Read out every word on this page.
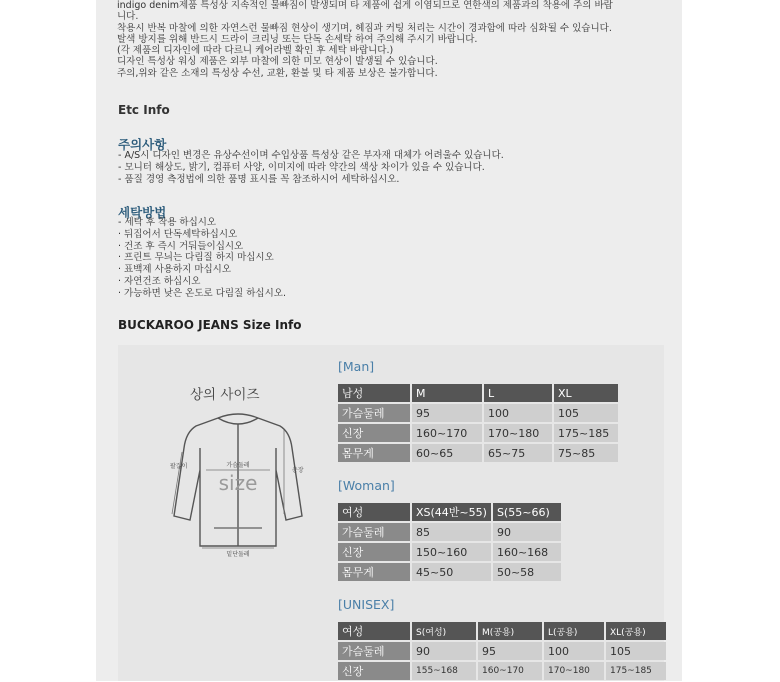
indigo denim제품 특성상 지속적인 물빠짐이 발생되며 타 제품에 쉽게 이염되므로 연한색의 제품과의 착용에 주의 바랍
니다.
착용시 반복 마찰에 의한 자연스런 물빠짐 현상이 생기며, 헤짐과 커팅 처리는 시간이 경과함에 따라 심화될 수 있습니다.
탈색 방지를 위해 반드시 드라이 크리닝 또는 단독 손세탁 하여 주의해 주시기 바랍니다.
(각 제품의 디자인에 따라 다르니 케어라벨 확인 후 세탁 바랍니다.)
디자인 특성상 워싱 제품은 외부 마찰에 의한 미모 현상이 발생될 수 있습니다.
주의,위와 같은 소재의 특성상 수선, 교환, 환불 및 타 제품 보상은 불가합니다.
Etc Info
주의사항
- A/S시 디자인 변경은 유상수선이며 수입상품 특성상 같은 부자재 대체가 어려울수 있습니다.
- 모니터 해상도, 밝기, 컴퓨터 사양, 이미지에 따라 약간의 색상 차이가 있을 수 있습니다.
- 품질 경영 측정법에 의한 품명 표시를 꼭 참조하시어 세탁하십시오.
세탁방법
- 세탁 후 착용 하십시오
· 뒤집어서 단독세탁하십시오
· 건조 후 즉시 거둬들이십시오
· 프린트 무늬는 다림질 하지 마십시오
· 표백제 사용하지 마십시오
· 자연건조 하십시오
· 가능하면 낮은 온도로 다림질 하십시오.
BUCKAROO JEANS Size Info
상의 사이즈
size
가슴둘레
밑단둘레
팔길이
총장
[Man]
남성	M	L	XL
가슴둘레	95	100	105
신장	160~170	170~180	175~185
몸무게	60~65	65~75	75~85
[Woman]
여성	XS(44반~55)	S(55~66)
가슴둘레	85	90
신장	150~160	160~168
몸무게	45~50	50~58
[UNISEX]
여성	S(여성)	M(공용)	L(공용)	XL(공용)
가슴둘레	90	95	100	105
신장	155~168	160~170	170~180	175~185
